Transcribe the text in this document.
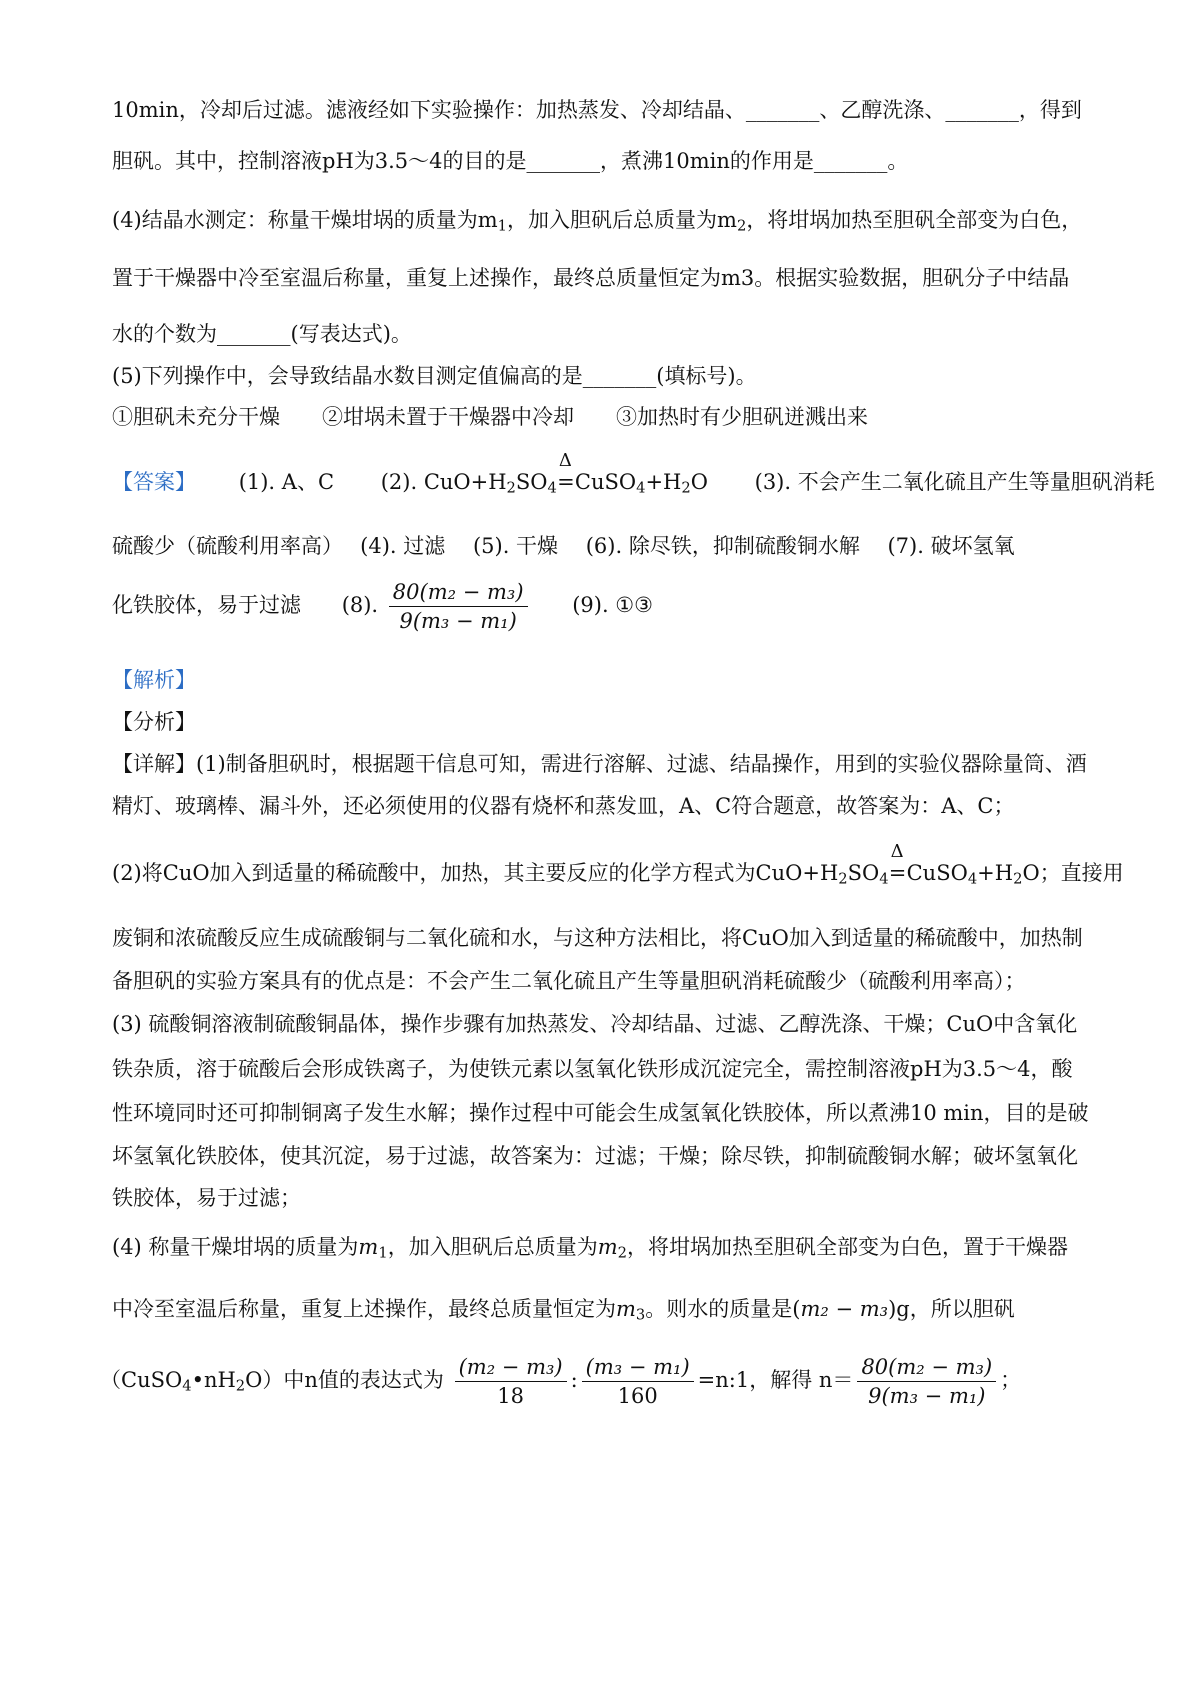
10min，冷却后过滤。滤液经如下实验操作：加热蒸发、冷却结晶、_______、乙醇洗涤、_______，得到
胆矾。其中，控制溶液pH为3.5～4的目的是_______，煮沸10min的作用是_______。
(4)结晶水测定：称量干燥坩埚的质量为$m_1$，加入胆矾后总质量为$m_2$，将坩埚加热至胆矾全部变为白色，
置于干燥器中冷至室温后称量，重复上述操作，最终总质量恒定为m3。根据实验数据，胆矾分子中结晶
水的个数为_______(写表达式)。
(5)下列操作中，会导致结晶水数目测定值偏高的是_______(填标号)。
①胆矾未充分干燥　　②坩埚未置于干燥器中冷却　　③加热时有少胆矾迸溅出来
【答案】 (1). A、C (2). $CuO+H_2SO_4$
Δ
$=CuSO_4+H_2O$ (3). 不会产生二氧化硫且产生等量胆矾消耗
硫酸少（硫酸利用率高）　 (4). 过滤　 (5). 干燥　 (6). 除尽铁，抑制硫酸铜水解　 (7). 破坏氢氧
化铁胶体，易于过滤 (8). $\frac{\text{80(m₂ − m₃)}}{\text{9(m₃ − m₁)}} (9)$. ①③
【解析】
【分析】
【详解】(1)制备胆矾时，根据题干信息可知，需进行溶解、过滤、结晶操作，用到的实验仪器除量筒、酒
精灯、玻璃棒、漏斗外，还必须使用的仪器有烧杯和蒸发皿，A、C符合题意，故答案为：A、C；
(2)将CuO加入到适量的稀硫酸中，加热，其主要反应的化学方程式为$CuO+H_2SO_4$
Δ
$=CuSO_4+H_2O$；直接用
废铜和浓硫酸反应生成硫酸铜与二氧化硫和水，与这种方法相比，将CuO加入到适量的稀硫酸中，加热制
备胆矾的实验方案具有的优点是：不会产生二氧化硫且产生等量胆矾消耗硫酸少（硫酸利用率高）；
(3) 硫酸铜溶液制硫酸铜晶体，操作步骤有加热蒸发、冷却结晶、过滤、乙醇洗涤、干燥；CuO中含氧化
铁杂质，溶于硫酸后会形成铁离子，为使铁元素以氢氧化铁形成沉淀完全，需控制溶液pH为3.5～4，酸
性环境同时还可抑制铜离子发生水解；操作过程中可能会生成氢氧化铁胶体，所以煮沸10 min，目的是破
坏氢氧化铁胶体，使其沉淀，易于过滤，故答案为：过滤；干燥；除尽铁，抑制硫酸铜水解；破坏氢氧化
铁胶体，易于过滤；
(4) 称量干燥坩埚的质量为$m_1$，加入胆矾后总质量为$m_2$，将坩埚加热至胆矾全部变为白色，置于干燥器
中冷至室温后称量，重复上述操作，最终总质量恒定为$m_3$。则水的质量是(m₂ − m₃)g，所以胆矾
$(CuSO_4•nH_2O)$中n值的表达式为 $\frac{\text{(m₂ − m₃)}}{18}$ : $\frac{\text{(m₃ − m₁)}}{160}$ =n:1，解得 $n= \frac{\text{80(m₂ − m₃)}}{\text{9(m₃ − m₁)}}$ ；
